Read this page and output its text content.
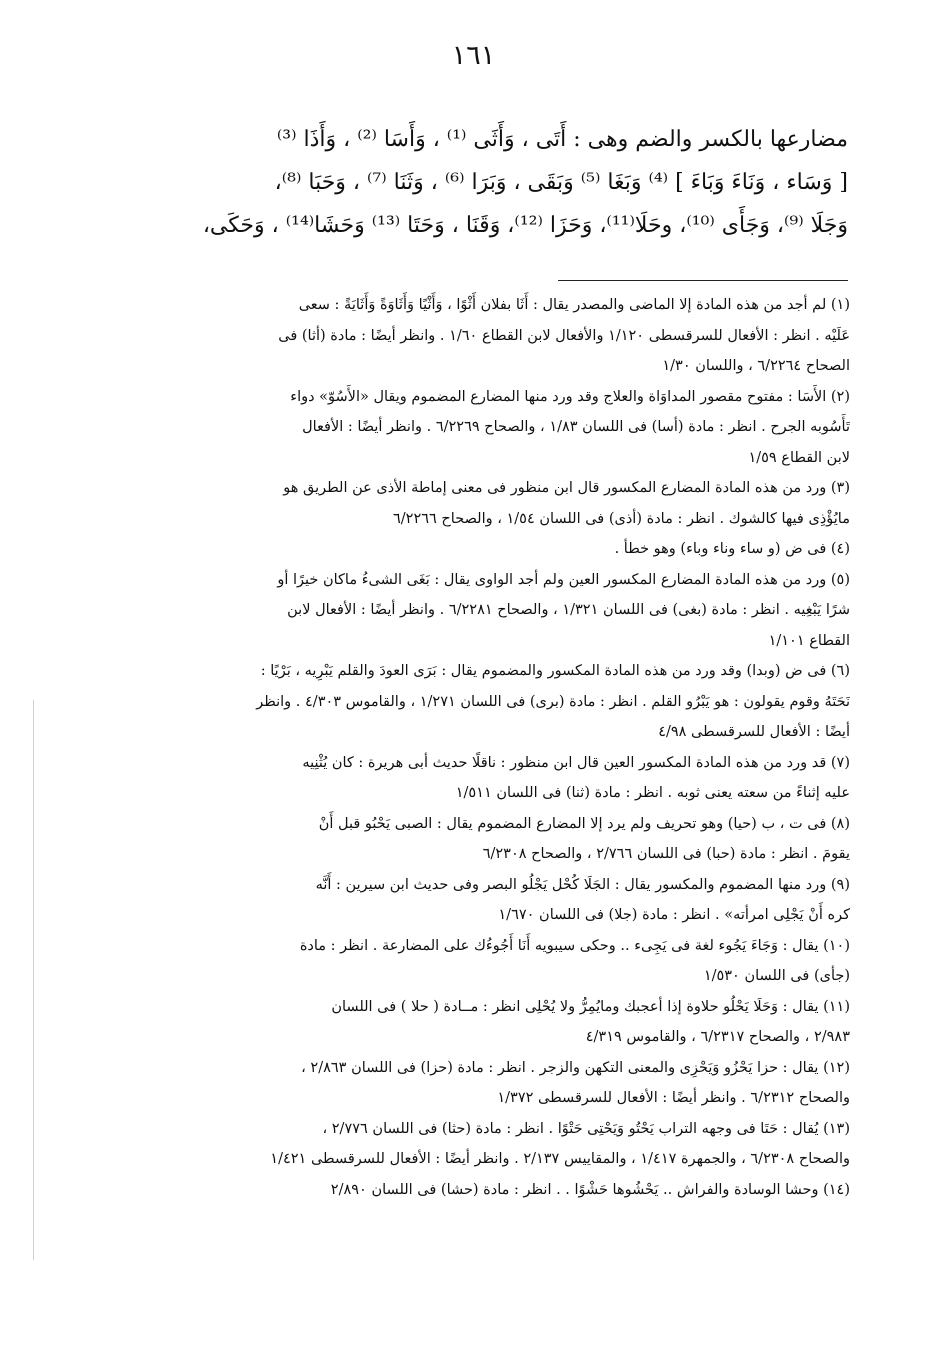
١٦١
مضارعها بالكسر والضم وهى : أَتَى ، وَأَثَى ⁽¹⁾ ، وَأَسَا ⁽²⁾ ، وَأَذَا ⁽³⁾
[ وَسَاء ، وَنَاءَ وَبَاءَ ] ⁽⁴⁾ وَبَغَا ⁽⁵⁾ وَبَقَى ، وَبَرَا ⁽⁶⁾ ، وَثَنَا ⁽⁷⁾ ، وَحَبَا ⁽⁸⁾،
وَجَلَا ⁽⁹⁾، وَجَأَى ⁽¹⁰⁾، وحَلَا⁽¹¹⁾، وَحَزَا ⁽¹²⁾، وَقَنَا ، وَحَتَا ⁽¹³⁾ وَحَشَا⁽¹⁴⁾ ، وَحَكَى،
(١) لم أجد من هذه المادة إلا الماضى والمصدر يقال : أَثَا بفلان أَثْوًا ، وَأَثْيًا وَأَثَاوَةً وَأَثَايَةً : سعى
عَلَيْه . انظر : الأفعال للسرقسطى ١/١٢٠ والأفعال لابن القطاع ١/٦٠ . وانظر أيضًا : مادة (أثا) فى
الصحاح ٦/٢٢٦٤ ، واللسان ١/٣٠
(٢) الأَسَا : مفتوح مقصور المداوَاة والعلاج وقد ورد منها المضارع المضموم ويقال «الأَسُوّ» دواء
تَأَسُوبه الجرح . انظر : مادة (أسا) فى اللسان ١/٨٣ ، والصحاح ٦/٢٢٦٩ . وانظر أيضًا : الأفعال
لابن القطاع ١/٥٩
(٣) ورد من هذه المادة المضارع المكسور قال ابن منظور فى معنى إماطة الأذى عن الطريق هو
مايُؤْذِى فيها كالشوك . انظر : مادة (أذى) فى اللسان ١/٥٤ ، والصحاح ٦/٢٢٦٦
(٤) فى ض (و ساء وناء وباء) وهو خطأ .
(٥) ورد من هذه المادة المضارع المكسور العين ولم أجد الواوى يقال : بَغَى الشىءُ ماكان خيرًا أو
شرًا يَبْغِيه . انظر : مادة (بغى) فى اللسان ١/٣٢١ ، والصحاح ٦/٢٢٨١ . وانظر أيضًا : الأفعال لابن
القطاع ١/١٠١
(٦) فى ض (وبدا) وقد ورد من هذه المادة المكسور والمضموم يقال : بَرَى العودَ والقلم يَبْرِيه ، بَرْيًا :
نَحَتَهُ وقوم يقولون : هو يَبْرُو القلم . انظر : مادة (برى) فى اللسان ١/٢٧١ ، والقاموس ٤/٣٠٣ . وانظر
أيضًا : الأفعال للسرقسطى ٤/٩٨
(٧) قد ورد من هذه المادة المكسور العين قال ابن منظور : ناقلًا حديث أبى هريرة : كان يُثْنِيه
عليه إثناءً من سعته يعنى ثوبه . انظر : مادة (ثنا) فى اللسان ١/٥١١
(٨) فى ت ، ب (حيا) وهو تحريف ولم يرد إلا المضارع المضموم يقال : الصبى يَحْبُو قبل أَنْ
يقومَ . انظر : مادة (حبا) فى اللسان ٢/٧٦٦ ، والصحاح ٦/٢٣٠٨
(٩) ورد منها المضموم والمكسور يقال : الجَلَا كُحْل يَجْلُو البصر وفى حديث ابن سيرين : أَنَّه
كره أَنْ يَجْلِى امرأته» . انظر : مادة (جلا) فى اللسان ١/٦٧٠
(١٠) يقال : وَجَاءَ يَجُوء لغة فى يَجِىء .. وحكى سيبويه أَنَا أَجُوءُك على المضارعة . انظر : مادة
(جأى) فى اللسان ١/٥٣٠
(١١) يقال : وَحَلَا يَحْلُو حلاوة إذا أعجبك ومايُمِرُّ ولا يُحْلِى انظر : مــادة ( حلا ) فى اللسان
٢/٩٨٣ ، والصحاح ٦/٢٣١٧ ، والقاموس ٤/٣١٩
(١٢) يقال : حزا يَحْزُو وَيَحْزِى والمعنى التكهن والزجر . انظر : مادة (حزا) فى اللسان ٢/٨٦٣ ،
والصحاح ٦/٢٣١٢ . وانظر أيضًا : الأفعال للسرقسطى ١/٣٧٢
(١٣) يُقال : حَتَا فى وجهه التراب يَحْتُو وَيَحْتِى حَتْوًا . انظر : مادة (حثا) فى اللسان ٢/٧٧٦ ،
والصحاح ٦/٢٣٠٨ ، والجمهرة ١/٤١٧ ، والمقاييس ٢/١٣٧ . وانظر أيضًا : الأفعال للسرقسطى ١/٤٢١
(١٤) وحشا الوسادة والفراش .. يَحْشُوها حَشْوًا . . انظر : مادة (حشا) فى اللسان ٢/٨٩٠
